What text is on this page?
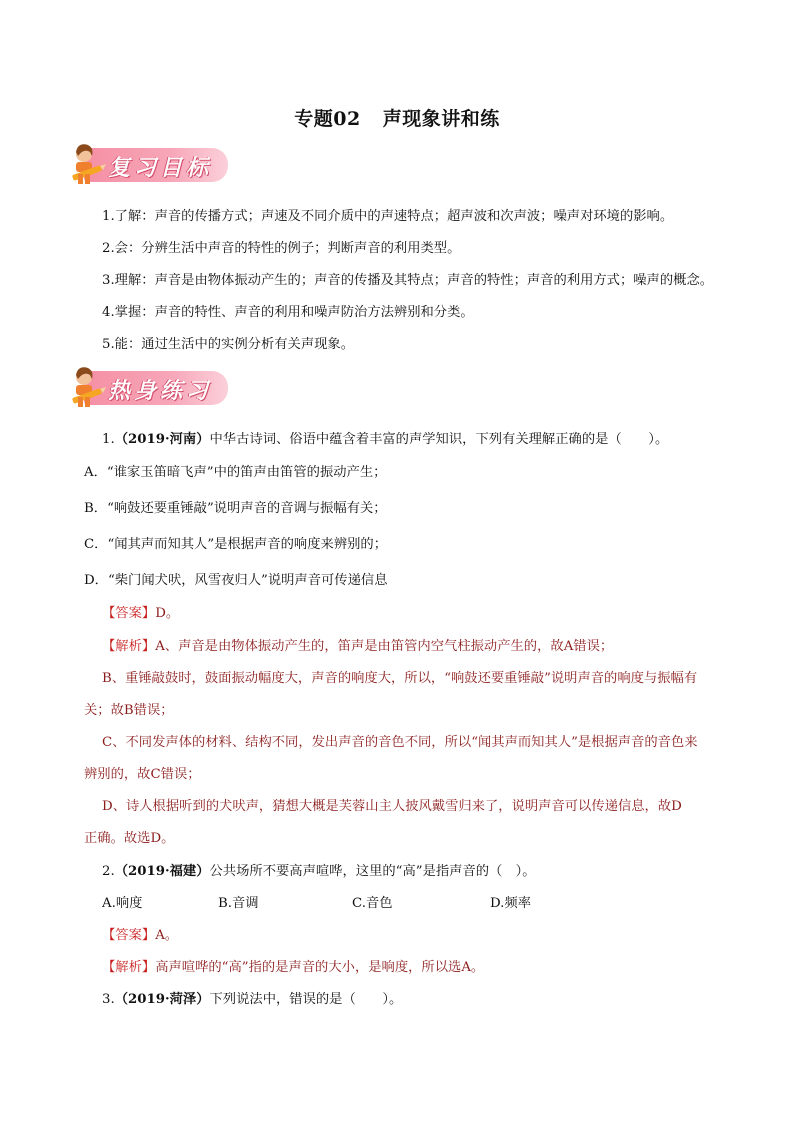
专题02 声现象讲和练
复习目标
1.了解：声音的传播方式；声速及不同介质中的声速特点；超声波和次声波；噪声对环境的影响。
2.会：分辨生活中声音的特性的例子；判断声音的利用类型。
3.理解：声音是由物体振动产生的；声音的传播及其特点；声音的特性；声音的利用方式；噪声的概念。
4.掌握：声音的特性、声音的利用和噪声防治方法辨别和分类。
5.能：通过生活中的实例分析有关声现象。
热身练习
1.（2019·河南）中华古诗词、俗语中蕴含着丰富的声学知识，下列有关理解正确的是（　　）。
A．“谁家玉笛暗飞声”中的笛声由笛管的振动产生；
B．“响鼓还要重锤敲”说明声音的音调与振幅有关；
C．“闻其声而知其人”是根据声音的响度来辨别的；
D．“柴门闻犬吠，风雪夜归人”说明声音可传递信息
【答案】D。
【解析】A、声音是由物体振动产生的，笛声是由笛管内空气柱振动产生的，故A错误；
B、重锤敲鼓时，鼓面振动幅度大，声音的响度大，所以，“响鼓还要重锤敲”说明声音的响度与振幅有
关；故B错误；
C、不同发声体的材料、结构不同，发出声音的音色不同，所以“闻其声而知其人”是根据声音的音色来
辨别的，故C错误；
D、诗人根据听到的犬吠声，猜想大概是芙蓉山主人披风戴雪归来了，说明声音可以传递信息，故D
正确。故选D。
2.（2019·福建）公共场所不要高声喧哗，这里的“高”是指声音的（　）。
A.响度	B.音调	C.音色	D.频率
【答案】A。
【解析】高声喧哗的“高”指的是声音的大小，是响度，所以选A。
3.（2019·菏泽）下列说法中，错误的是（　　）。
